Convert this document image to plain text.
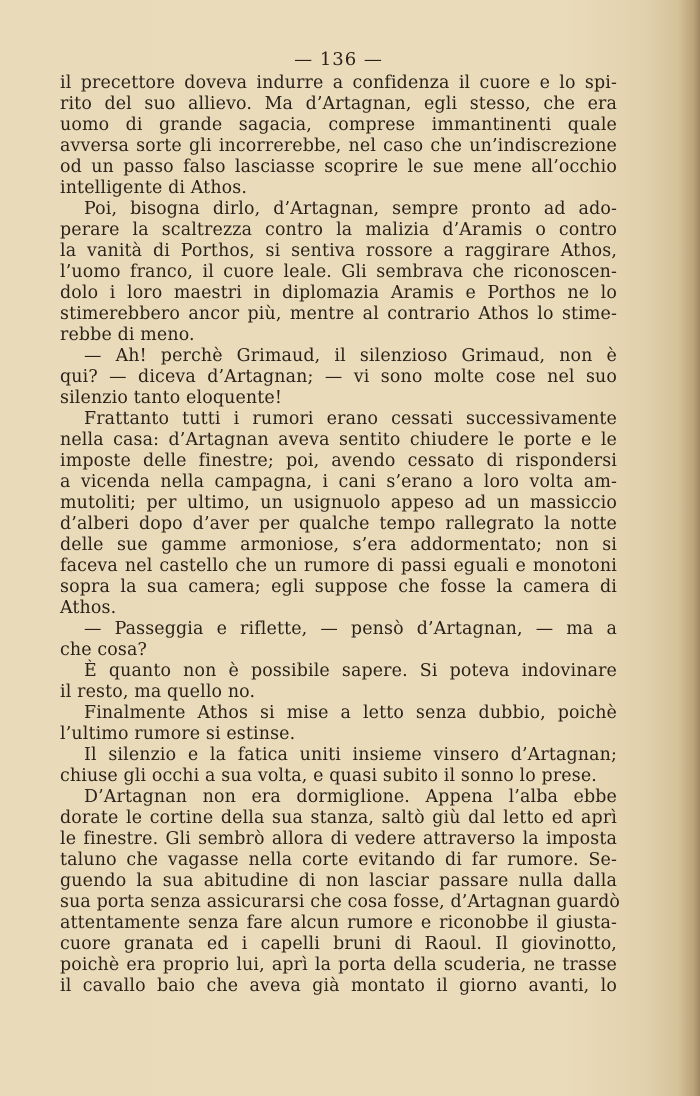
— 136 —
il precettore doveva indurre a confidenza il cuore e lo spi-
rito del suo allievo. Ma d’Artagnan, egli stesso, che era
uomo di grande sagacia, comprese immantinenti quale
avversa sorte gli incorrerebbe, nel caso che un’indiscrezione
od un passo falso lasciasse scoprire le sue mene all’occhio
intelligente di Athos.
Poi, bisogna dirlo, d’Artagnan, sempre pronto ad ado-
perare la scaltrezza contro la malizia d’Aramis o contro
la vanità di Porthos, si sentiva rossore a raggirare Athos,
l’uomo franco, il cuore leale. Gli sembrava che riconoscen-
dolo i loro maestri in diplomazia Aramis e Porthos ne lo
stimerebbero ancor più, mentre al contrario Athos lo stime-
rebbe di meno.
— Ah! perchè Grimaud, il silenzioso Grimaud, non è
qui? — diceva d’Artagnan; — vi sono molte cose nel suo
silenzio tanto eloquente!
Frattanto tutti i rumori erano cessati successivamente
nella casa: d’Artagnan aveva sentito chiudere le porte e le
imposte delle finestre; poi, avendo cessato di rispondersi
a vicenda nella campagna, i cani s’erano a loro volta am-
mutoliti; per ultimo, un usignuolo appeso ad un massiccio
d’alberi dopo d’aver per qualche tempo rallegrato la notte
delle sue gamme armoniose, s’era addormentato; non si
faceva nel castello che un rumore di passi eguali e monotoni
sopra la sua camera; egli suppose che fosse la camera di
Athos.
— Passeggia e riflette, — pensò d’Artagnan, — ma a
che cosa?
È quanto non è possibile sapere. Si poteva indovinare
il resto, ma quello no.
Finalmente Athos si mise a letto senza dubbio, poichè
l’ultimo rumore si estinse.
Il silenzio e la fatica uniti insieme vinsero d’Artagnan;
chiuse gli occhi a sua volta, e quasi subito il sonno lo prese.
D’Artagnan non era dormiglione. Appena l’alba ebbe
dorate le cortine della sua stanza, saltò giù dal letto ed aprì
le finestre. Gli sembrò allora di vedere attraverso la imposta
taluno che vagasse nella corte evitando di far rumore. Se-
guendo la sua abitudine di non lasciar passare nulla dalla
sua porta senza assicurarsi che cosa fosse, d’Artagnan guardò
attentamente senza fare alcun rumore e riconobbe il giusta-
cuore granata ed i capelli bruni di Raoul. Il giovinotto,
poichè era proprio lui, aprì la porta della scuderia, ne trasse
il cavallo baio che aveva già montato il giorno avanti, lo
